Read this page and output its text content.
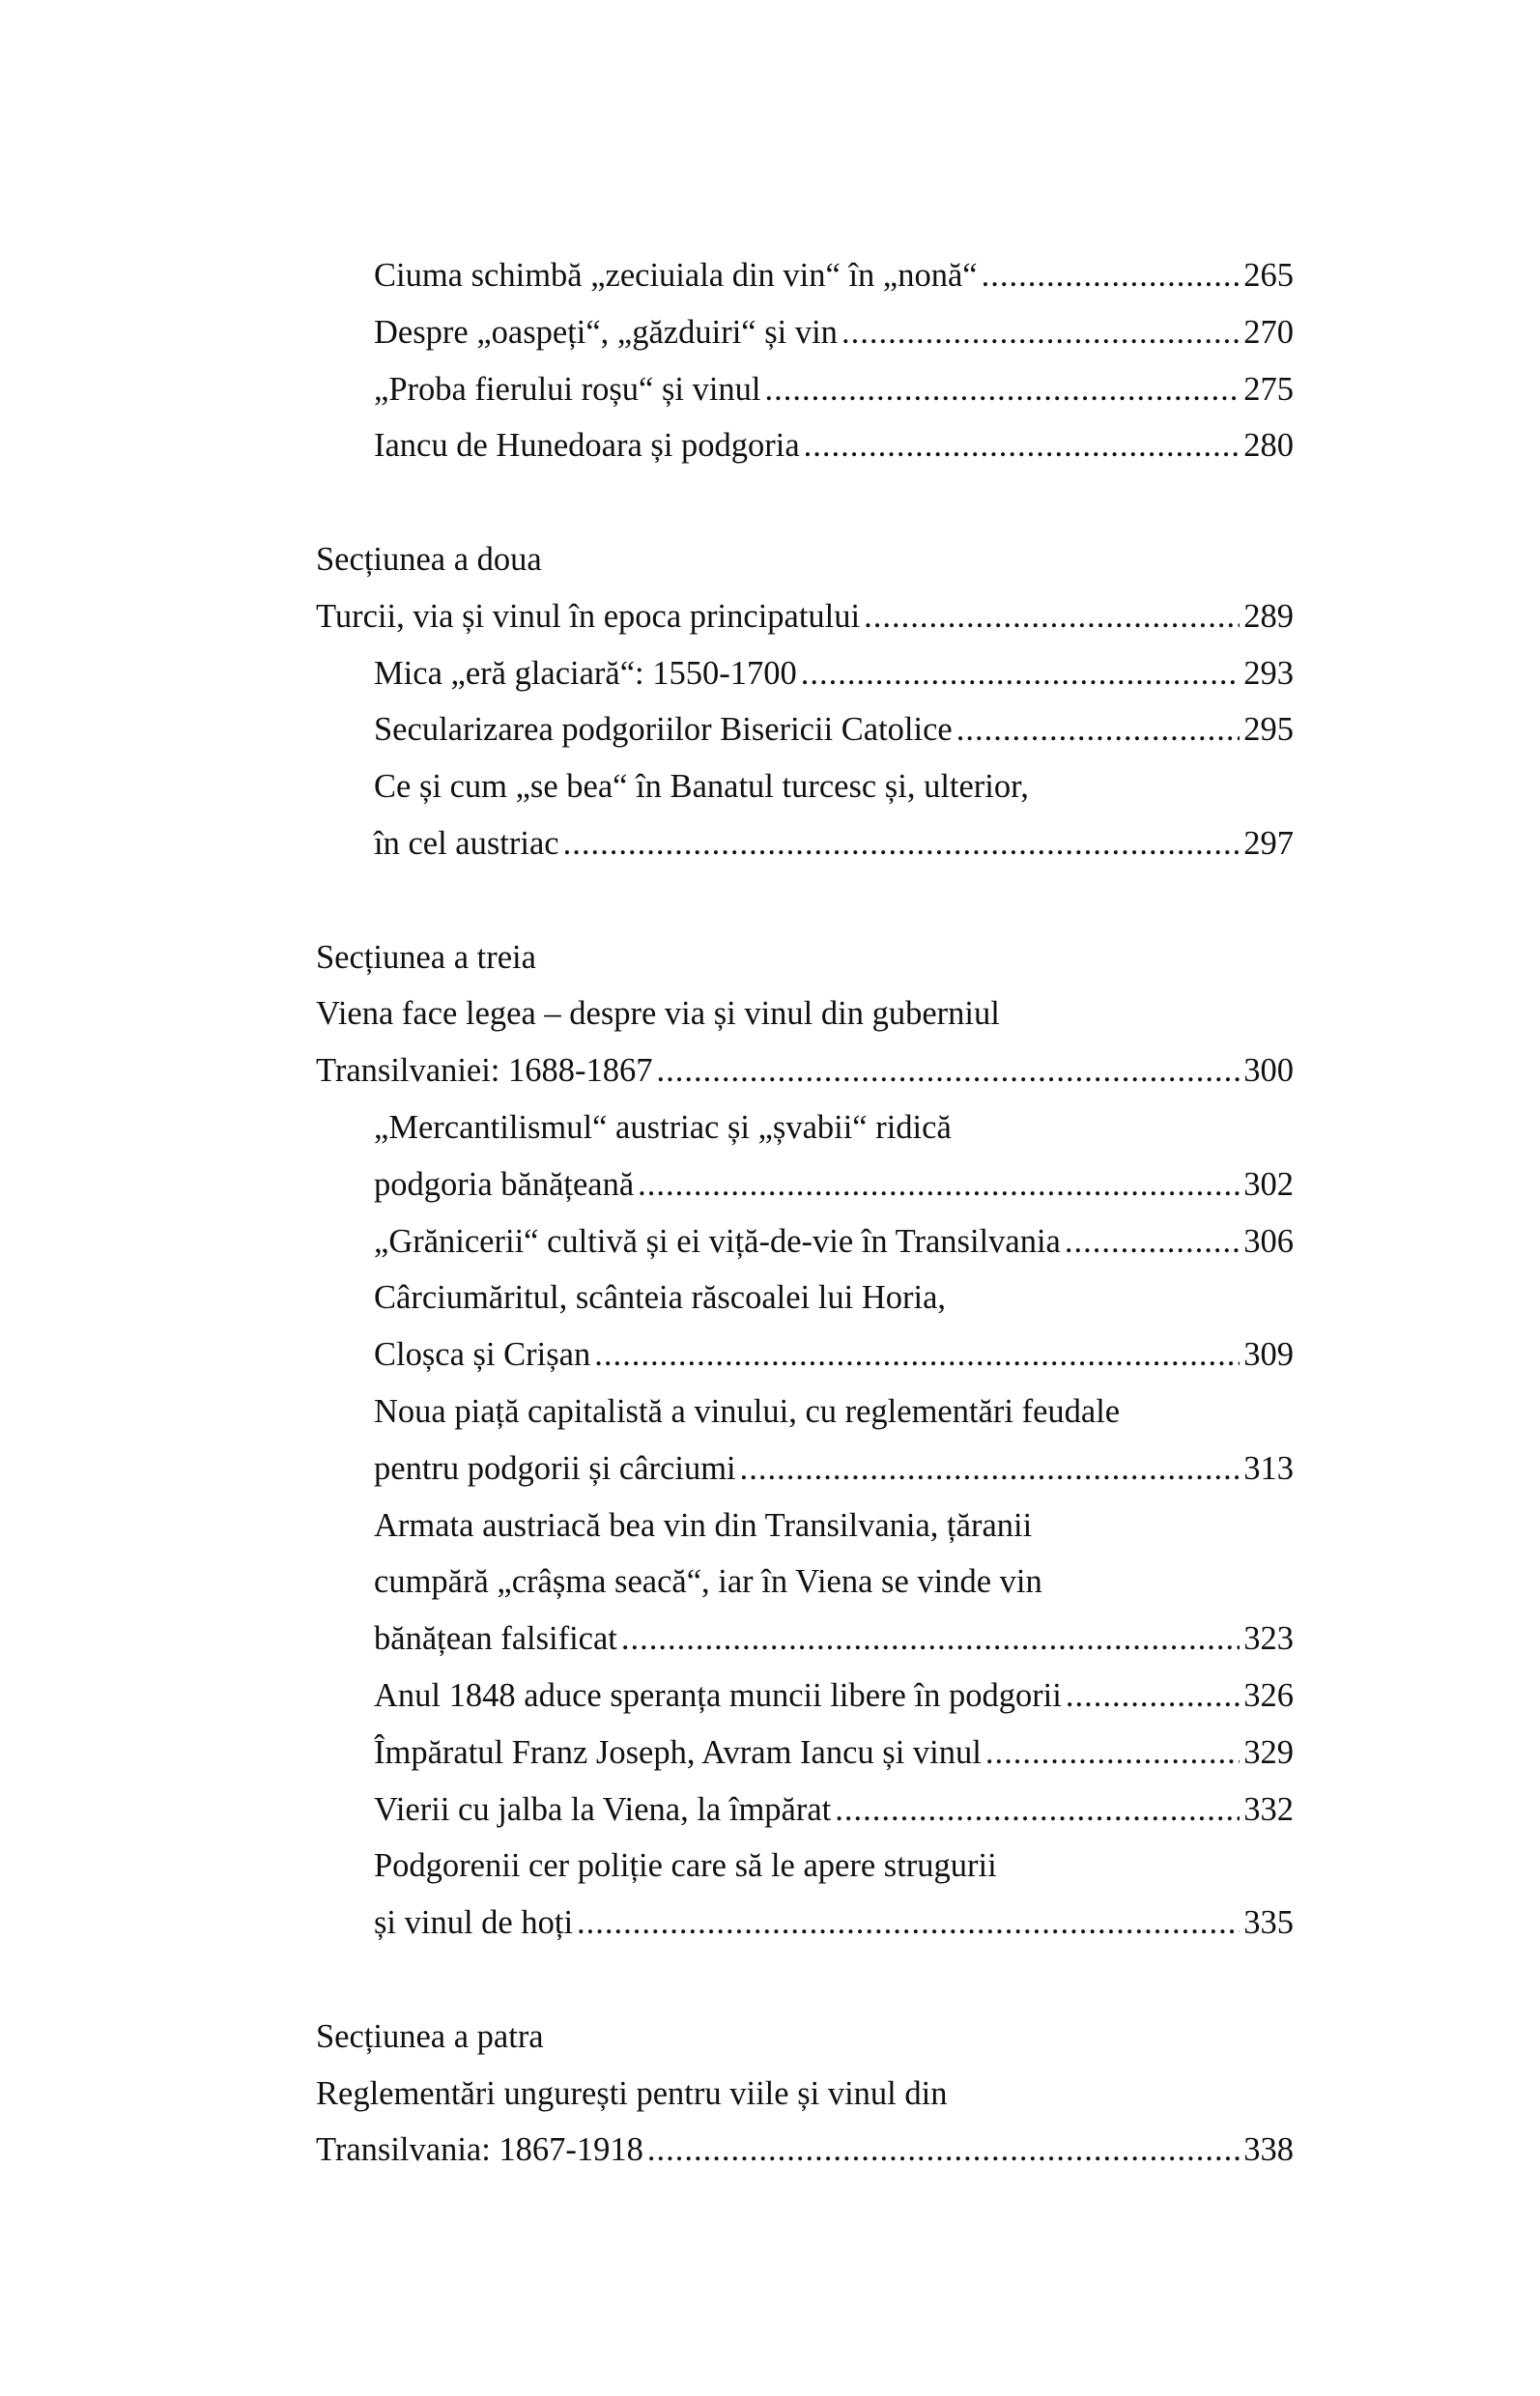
Ciuma schimbă „zeciuiala din vin“ în „nonă“ .....	265
Despre „oaspeți“, „găzduiri“ și vin .....	270
„Proba fierului roșu“ și vinul .....	275
Iancu de Hunedoara și podgoria .....	280
Secțiunea a doua
Turcii, via și vinul în epoca principatului .....	289
Mica „eră glaciară“: 1550-1700 .....	293
Secularizarea podgoriilor Bisericii Catolice .....	295
Ce și cum „se bea“ în Banatul turcesc și, ulterior,
în cel austriac .....	297
Secțiunea a treia
Viena face legea – despre via și vinul din guberniul
Transilvaniei: 1688-1867 .....	300
„Mercantilismul“ austriac și „șvabii“ ridică
podgoria bănățeană .....	302
„Grănicerii“ cultivă și ei viță-de-vie în Transilvania .....	306
Cârciumăritul, scânteia răscoalei lui Horia,
Cloșca și Crișan .....	309
Noua piață capitalistă a vinului, cu reglementări feudale
pentru podgorii și cârciumi .....	313
Armata austriacă bea vin din Transilvania, țăranii
cumpără „crâșma seacă“, iar în Viena se vinde vin
bănățean falsificat .....	323
Anul 1848 aduce speranța muncii libere în podgorii .....	326
Împăratul Franz Joseph, Avram Iancu și vinul .....	329
Vierii cu jalba la Viena, la împărat .....	332
Podgorenii cer poliție care să le apere strugurii
și vinul de hoți .....	335
Secțiunea a patra
Reglementări ungurești pentru viile și vinul din
Transilvania: 1867-1918 .....	338
